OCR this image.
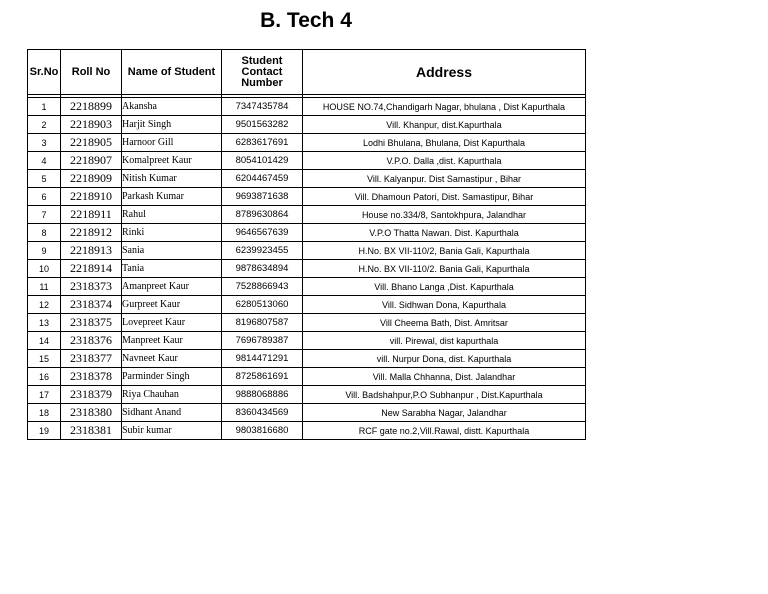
B. Tech 4
Sr.No	Roll No	Name of Student	Student Contact Number	Address

1	2218899	Akansha	7347435784	HOUSE NO.74,Chandigarh Nagar, bhulana , Dist Kapurthala
2	2218903	Harjit Singh	9501563282	Vill. Khanpur, dist.Kapurthala
3	2218905	Harnoor Gill	6283617691	Lodhi Bhulana, Bhulana, Dist Kapurthala
4	2218907	Komalpreet Kaur	8054101429	V.P.O. Dalla ,dist. Kapurthala
5	2218909	Nitish Kumar	6204467459	Vill. Kalyanpur. Dist Samastipur , Bihar
6	2218910	Parkash Kumar	9693871638	Vill. Dhamoun Patori, Dist. Samastipur, Bihar
7	2218911	Rahul	8789630864	House no.334/8, Santokhpura, Jalandhar
8	2218912	Rinki	9646567639	V.P.O Thatta Nawan. Dist. Kapurthala
9	2218913	Sania	6239923455	H.No. BX VII-110/2, Bania Gali, Kapurthala
10	2218914	Tania	9878634894	H.No. BX VII-110/2. Bania Gali, Kapurthala
11	2318373	Amanpreet Kaur	7528866943	Vill. Bhano Langa ,Dist. Kapurthala
12	2318374	Gurpreet Kaur	6280513060	Vill. Sidhwan Dona, Kapurthala
13	2318375	Lovepreet Kaur	8196807587	Vill Cheema Bath, Dist. Amritsar
14	2318376	Manpreet Kaur	7696789387	vill. Pirewal, dist kapurthala
15	2318377	Navneet Kaur	9814471291	vill. Nurpur Dona, dist. Kapurthala
16	2318378	Parminder Singh	8725861691	Vill. Malla Chhanna, Dist. Jalandhar
17	2318379	Riya Chauhan	9888068886	Vill. Badshahpur,P.O Subhanpur , Dist.Kapurthala
18	2318380	Sidhant Anand	8360434569	New Sarabha Nagar, Jalandhar
19	2318381	Subir kumar	9803816680	RCF gate no.2,Vill.Rawal, distt. Kapurthala
